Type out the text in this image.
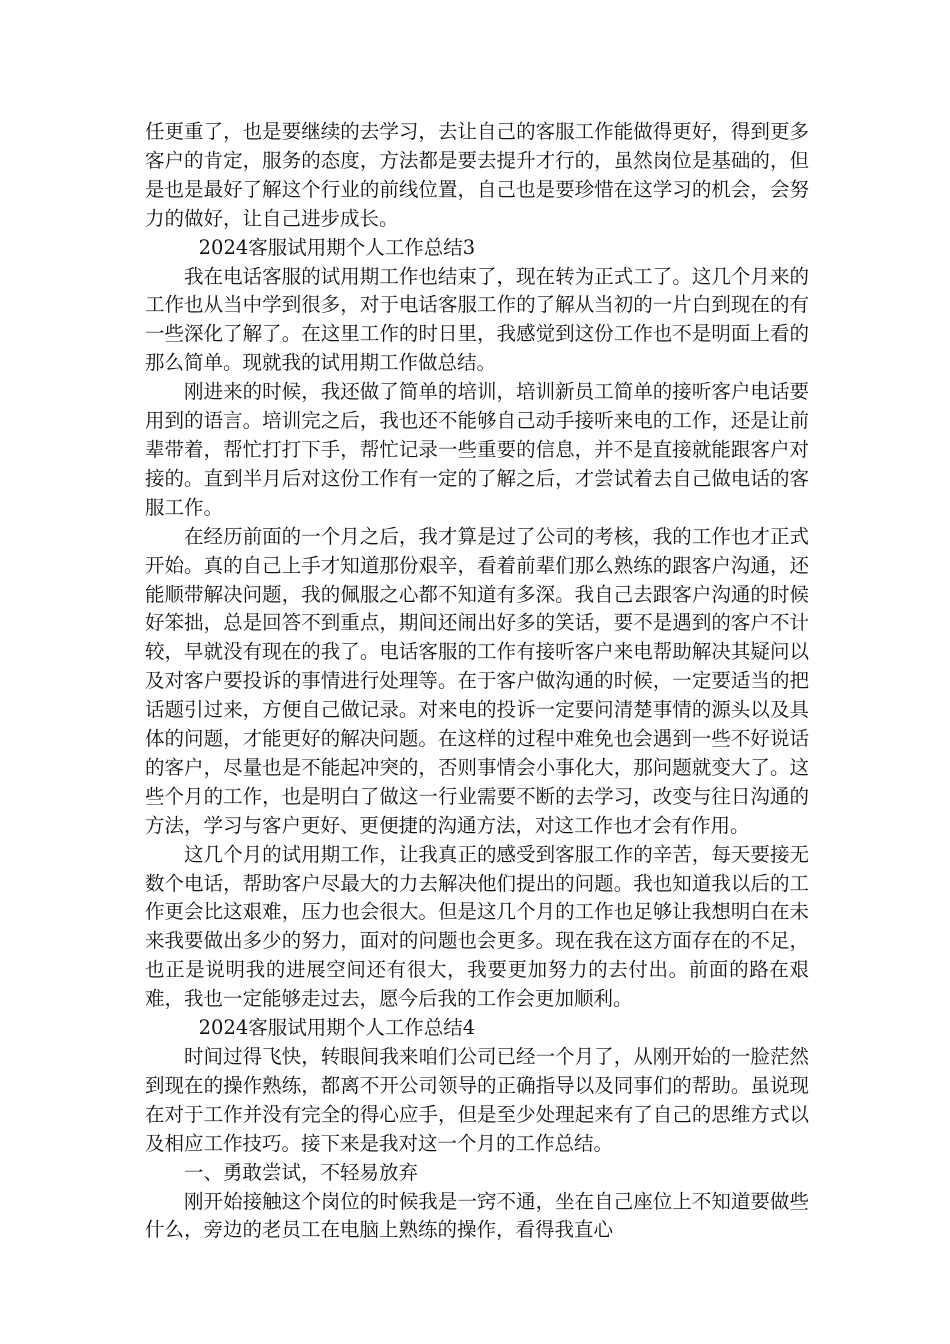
任更重了，也是要继续的去学习，去让自己的客服工作能做得更好，得到更多客户的肯定，服务的态度，方法都是要去提升才行的，虽然岗位是基础的，但是也是最好了解这个行业的前线位置，自己也是要珍惜在这学习的机会，会努力的做好，让自己进步成长。

2024客服试用期个人工作总结3

我在电话客服的试用期工作也结束了，现在转为正式工了。这几个月来的工作也从当中学到很多，对于电话客服工作的了解从当初的一片白到现在的有一些深化了解了。在这里工作的时日里，我感觉到这份工作也不是明面上看的那么简单。现就我的试用期工作做总结。

刚进来的时候，我还做了简单的培训，培训新员工简单的接听客户电话要用到的语言。培训完之后，我也还不能够自己动手接听来电的工作，还是让前辈带着，帮忙打打下手，帮忙记录一些重要的信息，并不是直接就能跟客户对接的。直到半月后对这份工作有一定的了解之后，才尝试着去自己做电话的客服工作。

在经历前面的一个月之后，我才算是过了公司的考核，我的工作也才正式开始。真的自己上手才知道那份艰辛，看着前辈们那么熟练的跟客户沟通，还能顺带解决问题，我的佩服之心都不知道有多深。我自己去跟客户沟通的时候好笨拙，总是回答不到重点，期间还闹出好多的笑话，要不是遇到的客户不计较，早就没有现在的我了。电话客服的工作有接听客户来电帮助解决其疑问以及对客户要投诉的事情进行处理等。在于客户做沟通的时候，一定要适当的把话题引过来，方便自己做记录。对来电的投诉一定要问清楚事情的源头以及具体的问题，才能更好的解决问题。在这样的过程中难免也会遇到一些不好说话的客户，尽量也是不能起冲突的，否则事情会小事化大，那问题就变大了。这些个月的工作，也是明白了做这一行业需要不断的去学习，改变与往日沟通的方法，学习与客户更好、更便捷的沟通方法，对这工作也才会有作用。

这几个月的试用期工作，让我真正的感受到客服工作的辛苦，每天要接无数个电话，帮助客户尽最大的力去解决他们提出的问题。我也知道我以后的工作更会比这艰难，压力也会很大。但是这几个月的工作也足够让我想明白在未来我要做出多少的努力，面对的问题也会更多。现在我在这方面存在的不足，也正是说明我的进展空间还有很大，我要更加努力的去付出。前面的路在艰难，我也一定能够走过去，愿今后我的工作会更加顺利。

2024客服试用期个人工作总结4

时间过得飞快，转眼间我来咱们公司已经一个月了，从刚开始的一脸茫然到现在的操作熟练，都离不开公司领导的正确指导以及同事们的帮助。虽说现在对于工作并没有完全的得心应手，但是至少处理起来有了自己的思维方式以及相应工作技巧。接下来是我对这一个月的工作总结。

一、勇敢尝试，不轻易放弃

刚开始接触这个岗位的时候我是一窍不通，坐在自己座位上不知道要做些什么，旁边的老员工在电脑上熟练的操作，看得我直心
